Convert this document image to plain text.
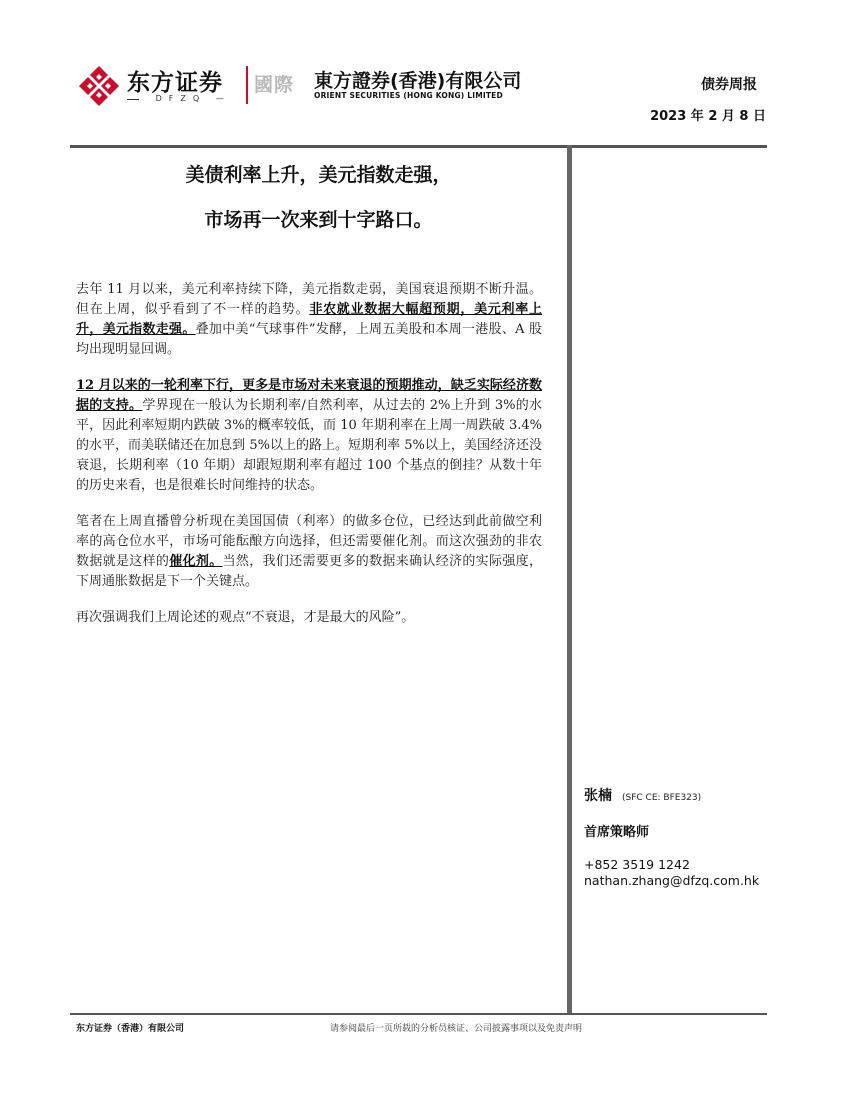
东方证券
DFZQ —
國際 東方證券(香港)有限公司
ORIENT SECURITIES (HONG KONG) LIMITED
债券周报
2023 年 2 月 8 日
美债利率上升，美元指数走强，
市场再一次来到十字路口。

去年 11 月以来，美元利率持续下降，美元指数走弱，美国衰退预期不断升温。但在上周，似乎看到了不一样的趋势。非农就业数据大幅超预期，美元利率上升，美元指数走强。叠加中美“气球事件”发酵，上周五美股和本周一港股、A 股均出现明显回调。

12 月以来的一轮利率下行，更多是市场对未来衰退的预期推动，缺乏实际经济数据的支持。学界现在一般认为长期利率/自然利率，从过去的 2%上升到 3%的水平，因此利率短期内跌破 3%的概率较低，而 10 年期利率在上周一周跌破 3.4%的水平，而美联储还在加息到 5%以上的路上。短期利率 5%以上，美国经济还没衰退，长期利率（10 年期）却跟短期利率有超过 100 个基点的倒挂？从数十年的历史来看，也是很难长时间维持的状态。

笔者在上周直播曾分析现在美国国债（利率）的做多仓位，已经达到此前做空利率的高仓位水平，市场可能酝酿方向选择，但还需要催化剂。而这次强劲的非农数据就是这样的催化剂。当然，我们还需要更多的数据来确认经济的实际强度，下周通胀数据是下一个关键点。

再次强调我们上周论述的观点“不衰退，才是最大的风险”。

张楠 (SFC CE: BFE323)
首席策略师
+852 3519 1242
nathan.zhang@dfzq.com.hk
东方证券（香港）有限公司	请参阅最后一页所载的分析员核证、公司披露事项以及免责声明
